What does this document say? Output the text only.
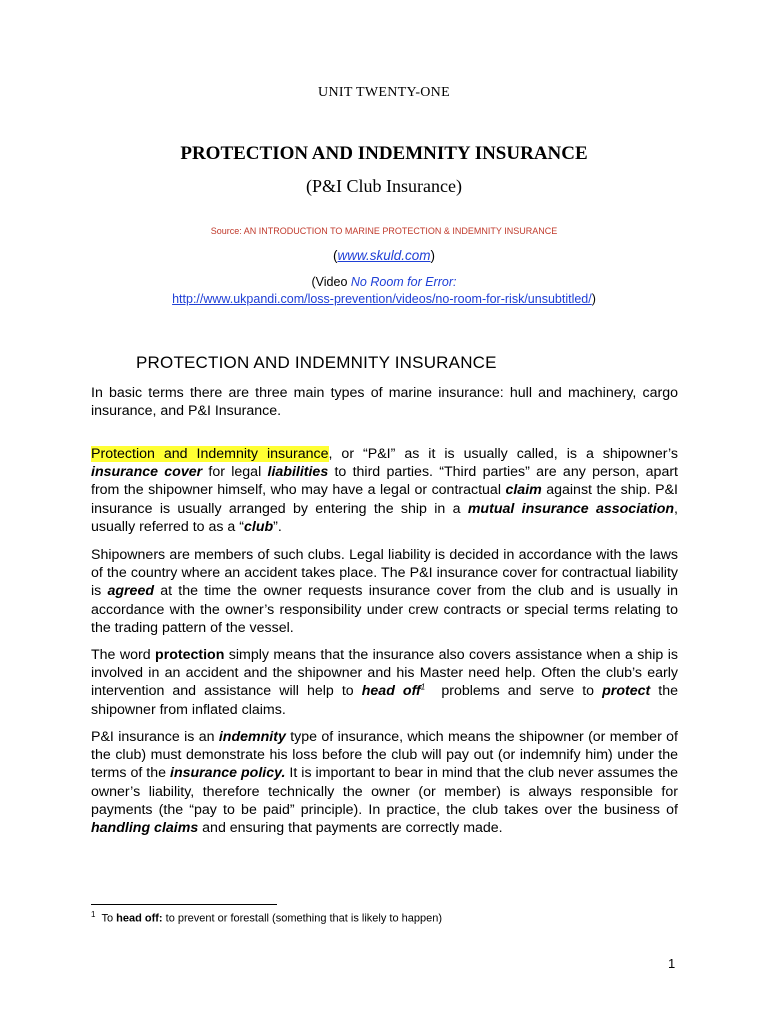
UNIT TWENTY-ONE
PROTECTION AND INDEMNITY INSURANCE
(P&I Club Insurance)
Source: AN INTRODUCTION TO MARINE PROTECTION & INDEMNITY INSURANCE
(www.skuld.com)
(Video No Room for Error:
http://www.ukpandi.com/loss-prevention/videos/no-room-for-risk/unsubtitled/)
PROTECTION AND INDEMNITY INSURANCE
In basic terms there are three main types of marine insurance: hull and machinery, cargo insurance, and P&I Insurance.
Protection and Indemnity insurance, or “P&I” as it is usually called, is a shipowner’s insurance cover for legal liabilities to third parties. “Third parties” are any person, apart from the shipowner himself, who may have a legal or contractual claim against the ship. P&I insurance is usually arranged by entering the ship in a mutual insurance association, usually referred to as a “club”.
Shipowners are members of such clubs. Legal liability is decided in accordance with the laws of the country where an accident takes place. The P&I insurance cover for contractual liability is agreed at the time the owner requests insurance cover from the club and is usually in accordance with the owner’s responsibility under crew contracts or special terms relating to the trading pattern of the vessel.
The word protection simply means that the insurance also covers assistance when a ship is involved in an accident and the shipowner and his Master need help. Often the club’s early intervention and assistance will help to head off$^1$  problems and serve to protect the shipowner from inflated claims.
P&I insurance is an indemnity type of insurance, which means the shipowner (or member of the club) must demonstrate his loss before the club will pay out (or indemnify him) under the terms of the insurance policy. It is important to bear in mind that the club never assumes the owner’s liability, therefore technically the owner (or member) is always responsible for payments (the “pay to be paid” principle). In practice, the club takes over the business of handling claims and ensuring that payments are correctly made.
$^1$ To head off: to prevent or forestall (something that is likely to happen)
1
